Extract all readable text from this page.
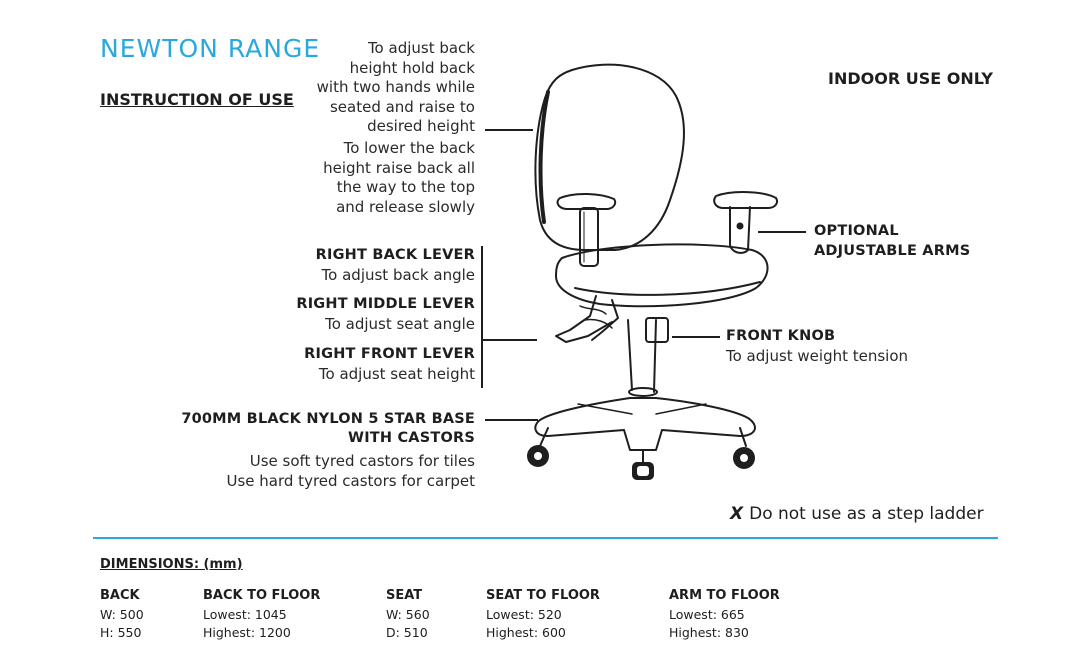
NEWTON RANGE
INSTRUCTION OF USE
INDOOR USE ONLY
To adjust back
height hold back
with two hands while
seated and raise to
desired height
To lower the back
height raise back all
the way to the top
and release slowly
RIGHT BACK LEVER
To adjust back angle
RIGHT MIDDLE LEVER
To adjust seat angle
RIGHT FRONT LEVER
To adjust seat height
700MM BLACK NYLON 5 STAR BASE
WITH CASTORS
Use soft tyred castors for tiles
Use hard tyred castors for carpet
OPTIONAL
ADJUSTABLE ARMS
FRONT KNOB
To adjust weight tension
X Do not use as a step ladder
DIMENSIONS: (mm)
BACK
W: 500
H: 550
BACK TO FLOOR
Lowest: 1045
Highest: 1200
SEAT
W: 560
D: 510
SEAT TO FLOOR
Lowest: 520
Highest: 600
ARM TO FLOOR
Lowest: 665
Highest: 830
